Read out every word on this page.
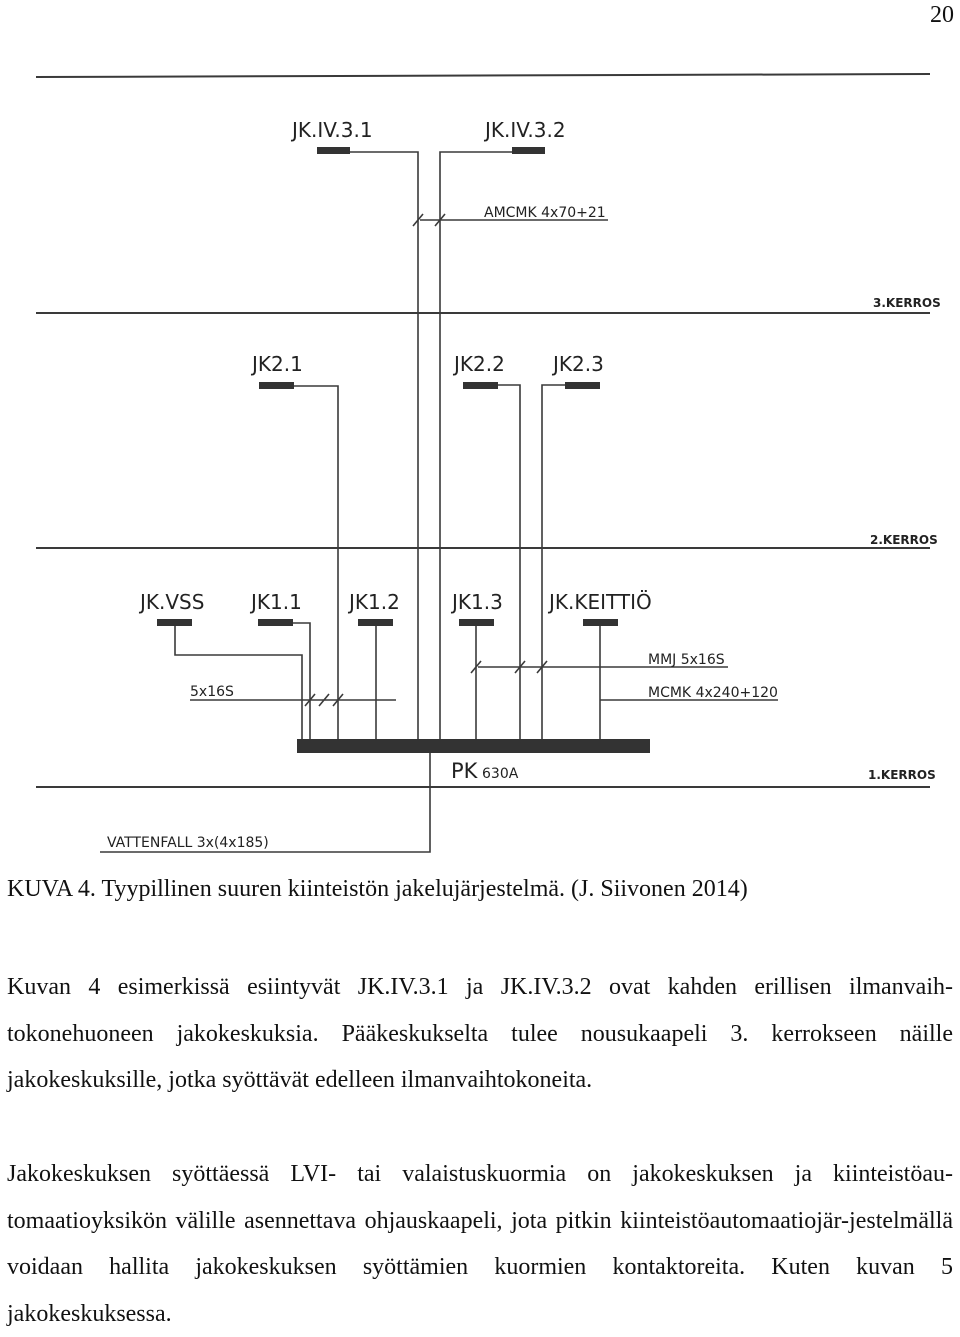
20
3.KERROS
2.KERROS
1.KERROS
JK.IV.3.1	JK.IV.3.2
JK2.1	JK2.2 JK2.3
JK.VSS JK1.1 JK1.2	JK1.3 JK.KEITTIÖ
AMCMK 4x70+21
MMJ 5x16S
MCMK 4x240+120
5x16S
VATTENFALL 3x(4x185)
PK 630A
KUVA 4. Tyypillinen suuren kiinteistön jakelujärjestelmä. (J. Siivonen 2014)

Kuvan 4 esimerkissä esiintyvät JK.IV.3.1 ja JK.IV.3.2 ovat kahden erillisen ilmanvaih-tokonehuoneen jakokeskuksia. Pääkeskukselta tulee nousukaapeli 3. kerrokseen näille jakokeskuksille, jotka syöttävät edelleen ilmanvaihtokoneita.

Jakokeskuksen syöttäessä LVI- tai valaistuskuormia on jakokeskuksen ja kiinteistöau-tomaatioyksikön välille asennettava ohjauskaapeli, jota pitkin kiinteistöautomaatiojär-jestelmällä voidaan hallita jakokeskuksen syöttämien kuormien kontaktoreita. Kuten kuvan 5 jakokeskuksessa.
